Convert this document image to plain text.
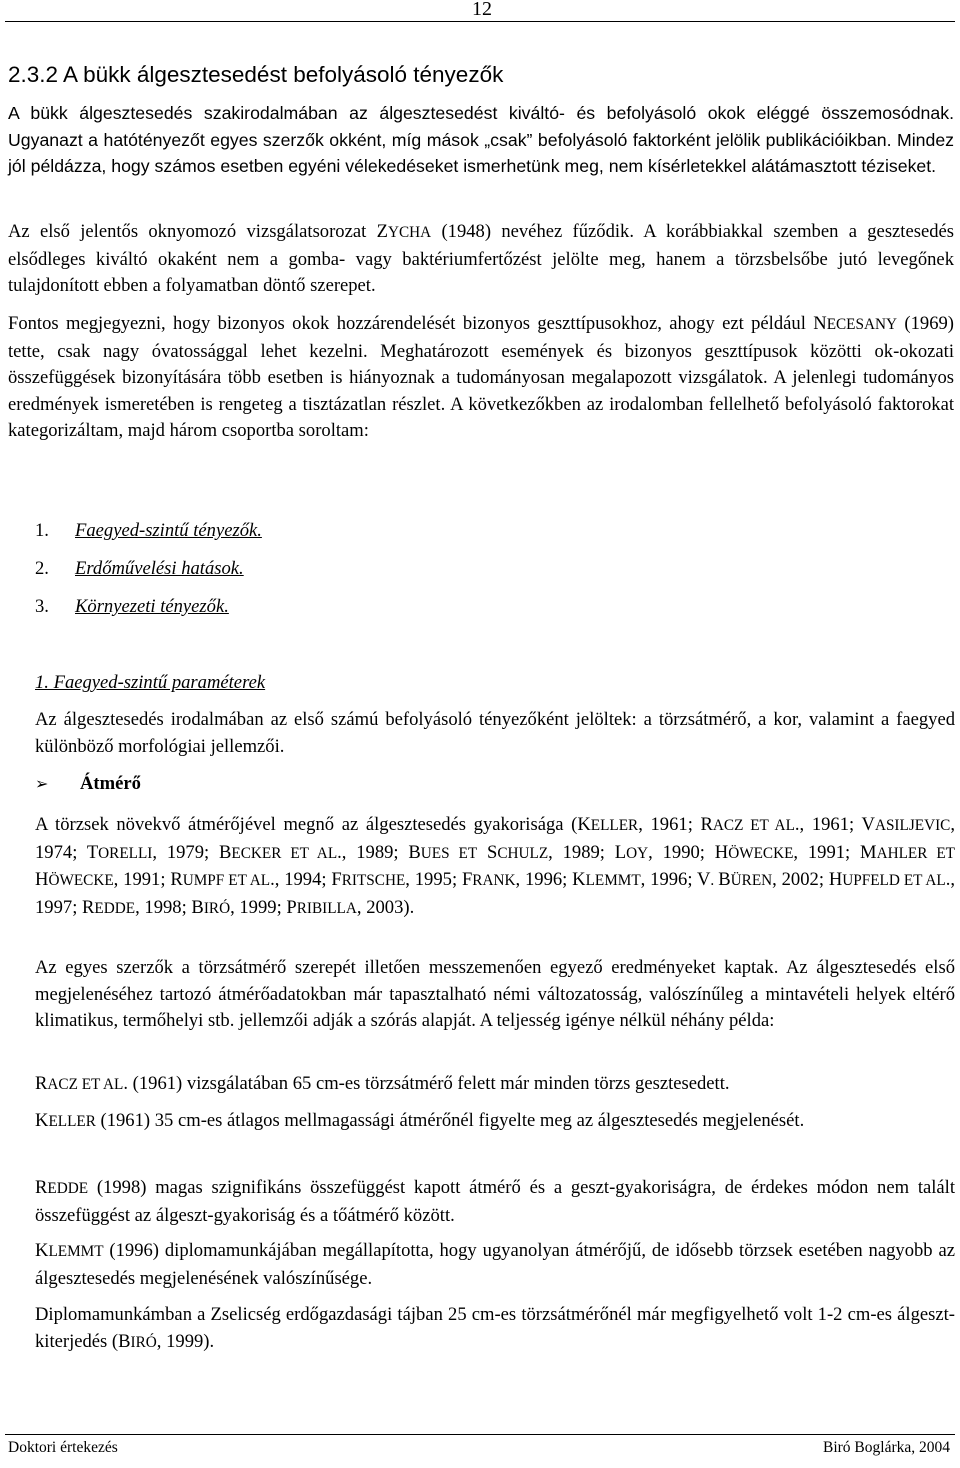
12
2.3.2 A bükk álgesztesedést befolyásoló tényezők

A bükk álgesztesedés szakirodalmában az álgesztesedést kiváltó- és befolyásoló okok eléggé összemosódnak. Ugyanazt a hatótényezőt egyes szerzők okként, míg mások „csak” befolyásoló faktorként jelölik publikációikban. Mindez jól példázza, hogy számos esetben egyéni vélekedéseket ismerhetünk meg, nem kísérletekkel alátámasztott téziseket.

Az első jelentős oknyomozó vizsgálatsorozat ZYCHA (1948) nevéhez fűződik. A korábbiakkal szemben a gesztesedés elsődleges kiváltó okaként nem a gomba- vagy baktériumfertőzést jelölte meg, hanem a törzsbelsőbe jutó levegőnek tulajdonított ebben a folyamatban döntő szerepet.

Fontos megjegyezni, hogy bizonyos okok hozzárendelését bizonyos geszttípusokhoz, ahogy ezt például NECESANY (1969) tette, csak nagy óvatossággal lehet kezelni. Meghatározott események és bizonyos geszttípusok közötti ok-okozati összefüggések bizonyítására több esetben is hiányoznak a tudományosan megalapozott vizsgálatok. A jelenlegi tudományos eredmények ismeretében is rengeteg a tisztázatlan részlet. A következőkben az irodalomban fellelhető befolyásoló faktorokat kategorizáltam, majd három csoportba soroltam:

1. Faegyed-szintű tényezők.
2. Erdőművelési hatások.
3. Környezeti tényezők.
1. Faegyed-szintű paraméterek

Az álgesztesedés irodalmában az első számú befolyásoló tényezőként jelöltek: a törzsátmérő, a kor, valamint a faegyed különböző morfológiai jellemzői.

➢ Átmérő

A törzsek növekvő átmérőjével megnő az álgesztesedés gyakorisága (KELLER, 1961; RACZ ET AL., 1961; VASILJEVIC, 1974; TORELLI, 1979; BECKER ET AL., 1989; BUES ET SCHULZ, 1989; LOY, 1990; HÖWECKE, 1991; MAHLER ET HÖWECKE, 1991; RUMPF ET AL., 1994; FRITSCHE, 1995; FRANK, 1996; KLEMMT, 1996; V. BÜREN, 2002; HUPFELD ET AL., 1997; REDDE, 1998; BIRÓ, 1999; PRIBILLA, 2003).

Az egyes szerzők a törzsátmérő szerepét illetően messzemenően egyező eredményeket kaptak. Az álgesztesedés első megjelenéséhez tartozó átmérőadatokban már tapasztalható némi változatosság, valószínűleg a mintavételi helyek eltérő klimatikus, termőhelyi stb. jellemzői adják a szórás alapját. A teljesség igénye nélkül néhány példa:

RACZ ET AL. (1961) vizsgálatában 65 cm-es törzsátmérő felett már minden törzs gesztesedett.

KELLER (1961) 35 cm-es átlagos mellmagassági átmérőnél figyelte meg az álgesztesedés megjelenését.

REDDE (1998) magas szignifikáns összefüggést kapott átmérő és a geszt-gyakoriságra, de érdekes módon nem talált összefüggést az álgeszt-gyakoriság és a tőátmérő között.

KLEMMT (1996) diplomamunkájában megállapította, hogy ugyanolyan átmérőjű, de idősebb törzsek esetében nagyobb az álgesztesedés megjelenésének valószínűsége.

Diplomamunkámban a Zselicség erdőgazdasági tájban 25 cm-es törzsátmérőnél már megfigyelhető volt 1-2 cm-es álgeszt-kiterjedés (BIRÓ, 1999).

Doktori értekezés	Biró Boglárka, 2004
